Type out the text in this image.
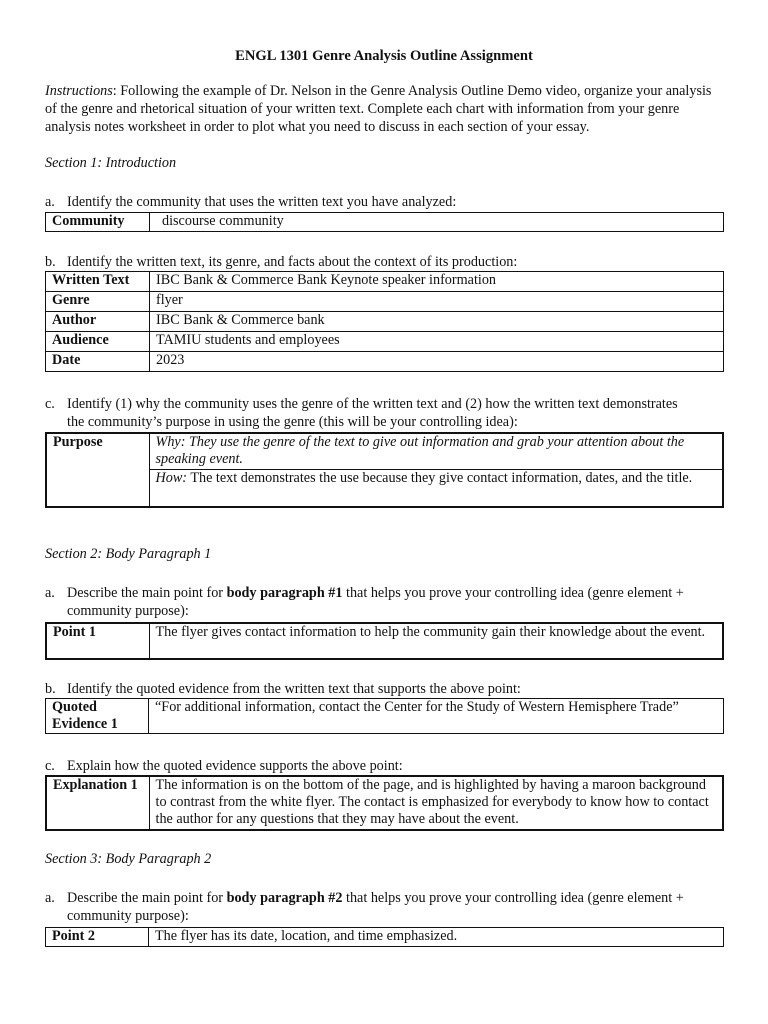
ENGL 1301 Genre Analysis Outline Assignment
Instructions: Following the example of Dr. Nelson in the Genre Analysis Outline Demo video, organize your analysis of the genre and rhetorical situation of your written text. Complete each chart with information from your genre analysis notes worksheet in order to plot what you need to discuss in each section of your essay.
Section 1: Introduction
a. Identify the community that uses the written text you have analyzed:
Community	discourse community
b. Identify the written text, its genre, and facts about the context of its production:
Written Text	IBC Bank & Commerce Bank Keynote speaker information
Genre	flyer
Author	IBC Bank & Commerce bank
Audience	TAMIU students and employees
Date	2023
c. Identify (1) why the community uses the genre of the written text and (2) how the written text demonstrates
the community’s purpose in using the genre (this will be your controlling idea):
Purpose	Why: They use the genre of the text to give out information and grab your attention about the speaking event.
How: The text demonstrates the use because they give contact information, dates, and the title.
Section 2: Body Paragraph 1
a. Describe the main point for body paragraph #1 that helps you prove your controlling idea (genre element +
community purpose):
Point 1	The flyer gives contact information to help the community gain their knowledge about the event.
b. Identify the quoted evidence from the written text that supports the above point:
Quoted
Evidence 1
	“For additional information, contact the Center for the Study of Western Hemisphere Trade”
c. Explain how the quoted evidence supports the above point:
Explanation 1	The information is on the bottom of the page, and is highlighted by having a maroon background to contrast from the white flyer. The contact is emphasized for everybody to know how to contact the author for any questions that they may have about the event.
Section 3: Body Paragraph 2
a. Describe the main point for body paragraph #2 that helps you prove your controlling idea (genre element +
community purpose):
Point 2	The flyer has its date, location, and time emphasized.
